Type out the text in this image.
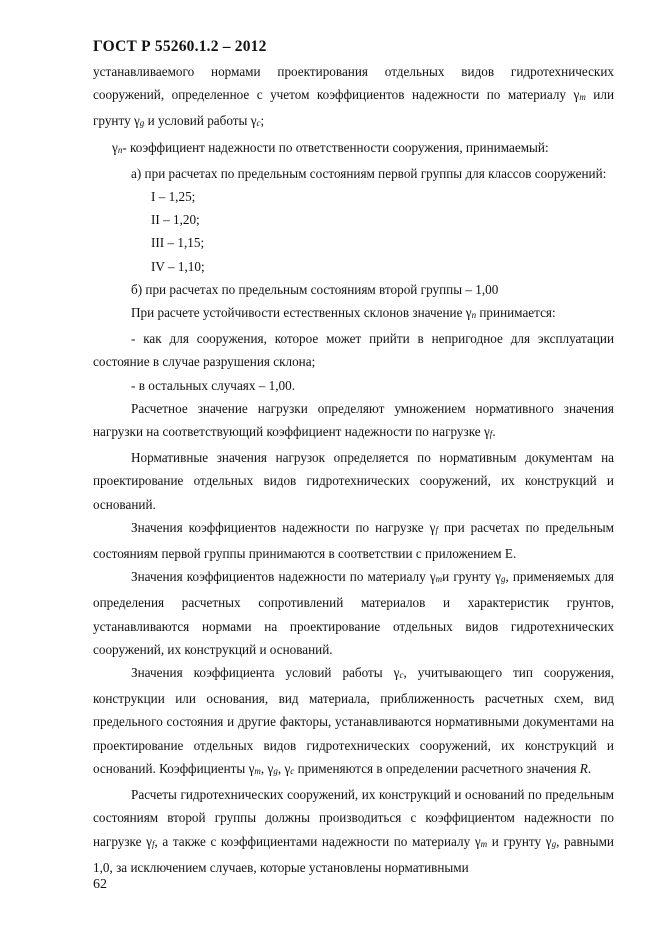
ГОСТ Р 55260.1.2 – 2012

устанавливаемого нормами проектирования отдельных видов гидротехнических сооружений, определенное с учетом коэффициентов надежности по материалу γm или грунту γg и условий работы γc;

γn- коэффициент надежности по ответственности сооружения, принимаемый:

а) при расчетах по предельным состояниям первой группы для классов сооружений:

I – 1,25;

II – 1,20;

III – 1,15;

IV – 1,10;

б) при расчетах по предельным состояниям второй группы – 1,00

При расчете устойчивости естественных склонов значение γn принимается:

- как для сооружения, которое может прийти в непригодное для эксплуатации состояние в случае разрушения склона;

- в остальных случаях – 1,00.

Расчетное значение нагрузки определяют умножением нормативного значения нагрузки на соответствующий коэффициент надежности по нагрузке γf.

Нормативные значения нагрузок определяется по нормативным документам на проектирование отдельных видов гидротехнических сооружений, их конструкций и оснований.

Значения коэффициентов надежности по нагрузке γf при расчетах по предельным состояниям первой группы принимаются в соответствии с приложением Е.

Значения коэффициентов надежности по материалу γmи грунту γg, применяемых для определения расчетных сопротивлений материалов и характеристик грунтов, устанавливаются нормами на проектирование отдельных видов гидротехнических сооружений, их конструкций и оснований.

Значения коэффициента условий работы γc, учитывающего тип сооружения, конструкции или основания, вид материала, приближенность расчетных схем, вид предельного состояния и другие факторы, устанавливаются нормативными документами на проектирование отдельных видов гидротехнических сооружений, их конструкций и оснований. Коэффициенты γm, γg, γc применяются в определении расчетного значения R.

Расчеты гидротехнических сооружений, их конструкций и оснований по предельным состояниям второй группы должны производиться с коэффициентом надежности по нагрузке γf, а также с коэффициентами надежности по материалу γm и грунту γg, равными 1,0, за исключением случаев, которые установлены нормативными

62
